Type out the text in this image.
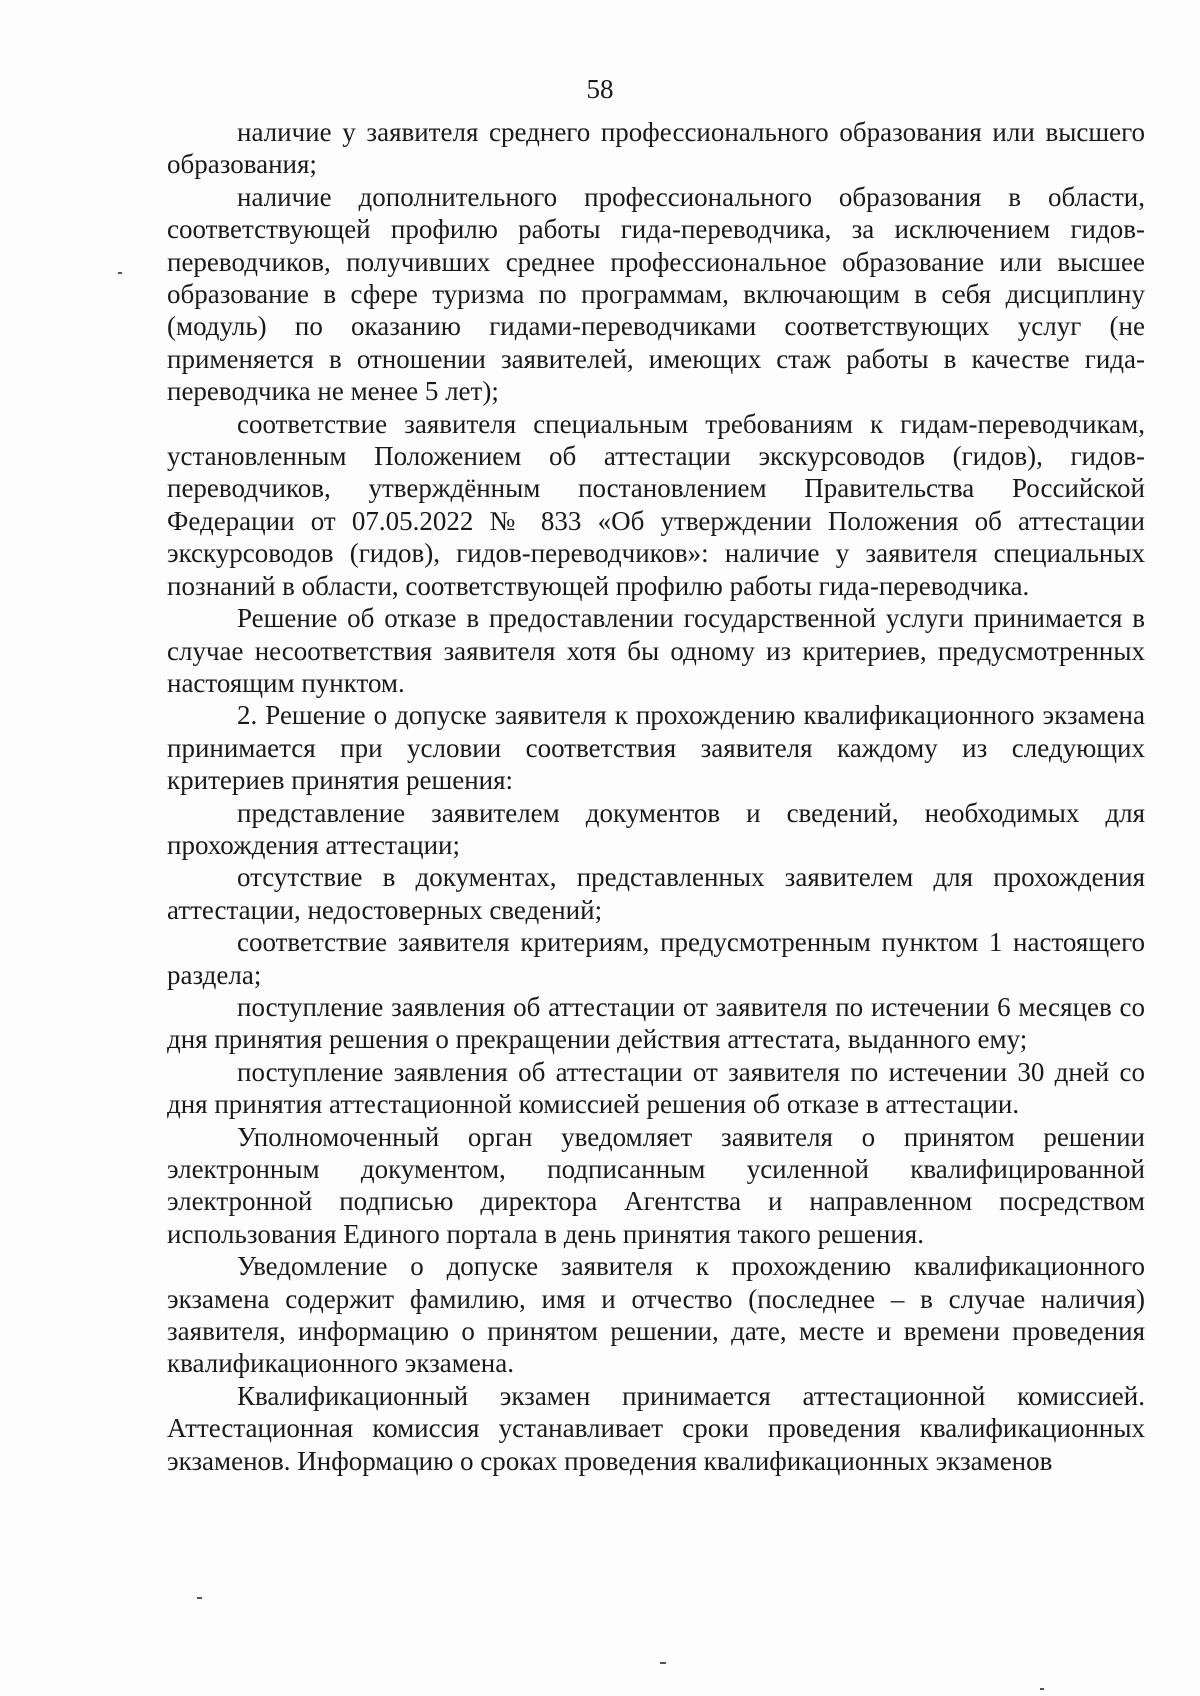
58

наличие у заявителя среднего профессионального образования или высшего образования;

наличие дополнительного профессионального образования в области, соответствующей профилю работы гида-переводчика, за исключением гидов-переводчиков, получивших среднее профессиональное образование или высшее образование в сфере туризма по программам, включающим в себя дисциплину (модуль) по оказанию гидами-переводчиками соответствующих услуг (не применяется в отношении заявителей, имеющих стаж работы в качестве гида-переводчика не менее 5 лет);

соответствие заявителя специальным требованиям к гидам-переводчикам, установленным Положением об аттестации экскурсоводов (гидов), гидов-переводчиков, утверждённым постановлением Правительства Российской Федерации от 07.05.2022 № 833 «Об утверждении Положения об аттестации экскурсоводов (гидов), гидов-переводчиков»: наличие у заявителя специальных познаний в области, соответствующей профилю работы гида-переводчика.

Решение об отказе в предоставлении государственной услуги принимается в случае несоответствия заявителя хотя бы одному из критериев, предусмотренных настоящим пунктом.

2. Решение о допуске заявителя к прохождению квалификационного экзамена принимается при условии соответствия заявителя каждому из следующих критериев принятия решения:

представление заявителем документов и сведений, необходимых для прохождения аттестации;

отсутствие в документах, представленных заявителем для прохождения аттестации, недостоверных сведений;

соответствие заявителя критериям, предусмотренным пунктом 1 настоящего раздела;

поступление заявления об аттестации от заявителя по истечении 6 месяцев со дня принятия решения о прекращении действия аттестата, выданного ему;

поступление заявления об аттестации от заявителя по истечении 30 дней со дня принятия аттестационной комиссией решения об отказе в аттестации.

Уполномоченный орган уведомляет заявителя о принятом решении электронным документом, подписанным усиленной квалифицированной электронной подписью директора Агентства и направленном посредством использования Единого портала в день принятия такого решения.

Уведомление о допуске заявителя к прохождению квалификационного экзамена содержит фамилию, имя и отчество (последнее – в случае наличия) заявителя, информацию о принятом решении, дате, месте и времени проведения квалификационного экзамена.

Квалификационный экзамен принимается аттестационной комиссией. Аттестационная комиссия устанавливает сроки проведения квалификационных экзаменов. Информацию о сроках проведения квалификационных экзаменов
